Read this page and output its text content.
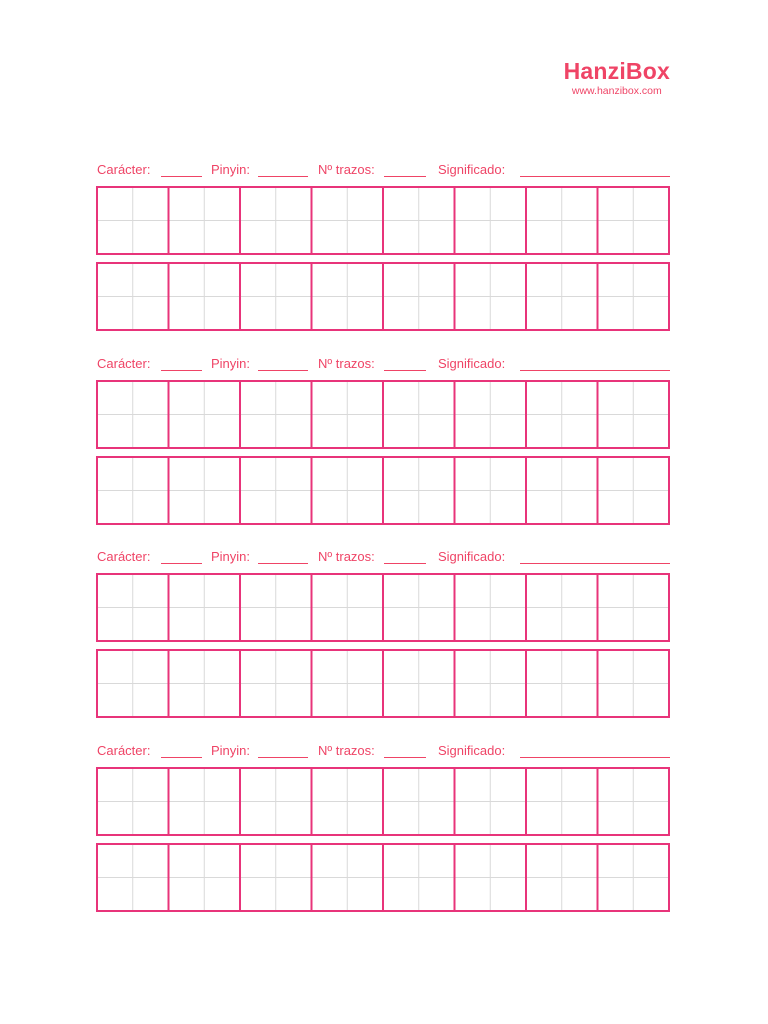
HanziBox
www.hanzibox.com
Carácter:	Pinyin:	Nº trazos:	Significado:
Carácter:	Pinyin:	Nº trazos:	Significado:
Carácter:	Pinyin:	Nº trazos:	Significado:
Carácter:	Pinyin:	Nº trazos:	Significado:
